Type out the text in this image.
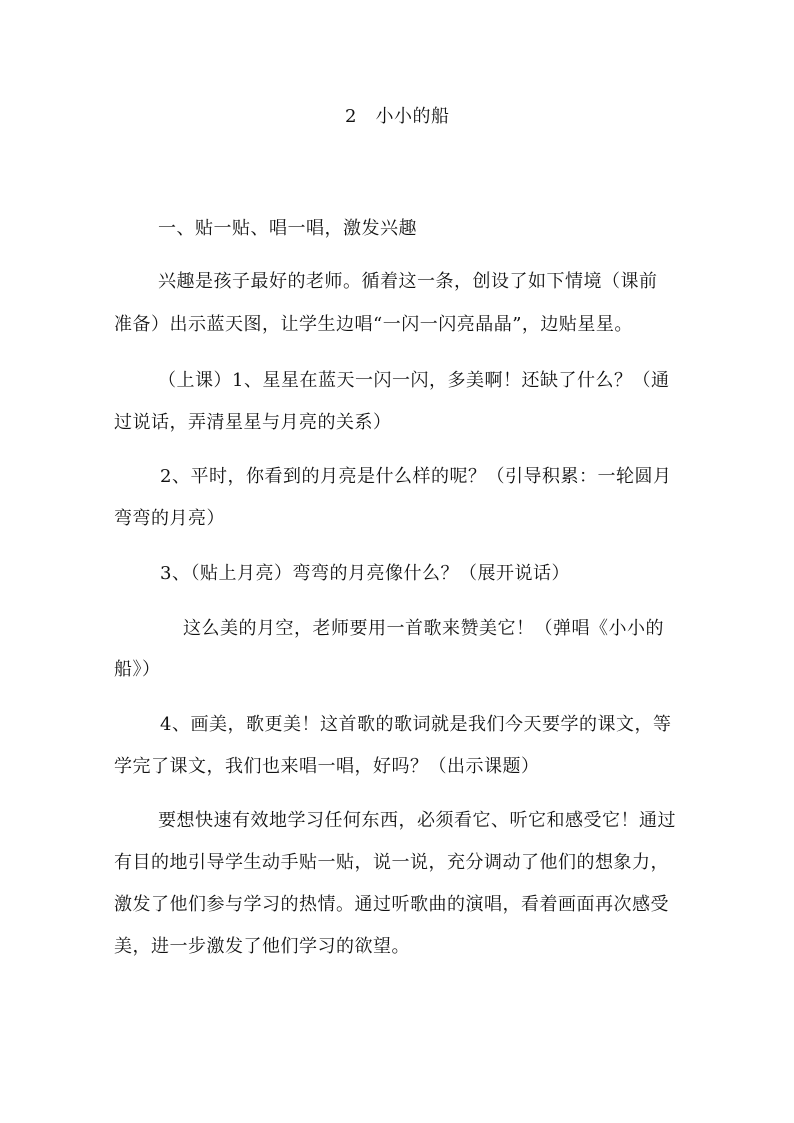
2　小小的船
一、贴一贴、唱一唱，激发兴趣
兴趣是孩子最好的老师。循着这一条，创设了如下情境（课前
准备）出示蓝天图，让学生边唱“一闪一闪亮晶晶”，边贴星星。
（上课）1、星星在蓝天一闪一闪，多美啊！还缺了什么？（通
过说话，弄清星星与月亮的关系）
2、平时，你看到的月亮是什么样的呢？（引导积累：一轮圆月
弯弯的月亮）
3、（贴上月亮）弯弯的月亮像什么？（展开说话）
这么美的月空，老师要用一首歌来赞美它！（弹唱《小小的
船》）
4、画美，歌更美！这首歌的歌词就是我们今天要学的课文，等
学完了课文，我们也来唱一唱，好吗？（出示课题）
要想快速有效地学习任何东西，必须看它、听它和感受它！通过
有目的地引导学生动手贴一贴，说一说，充分调动了他们的想象力，
激发了他们参与学习的热情。通过听歌曲的演唱，看着画面再次感受
美，进一步激发了他们学习的欲望。
